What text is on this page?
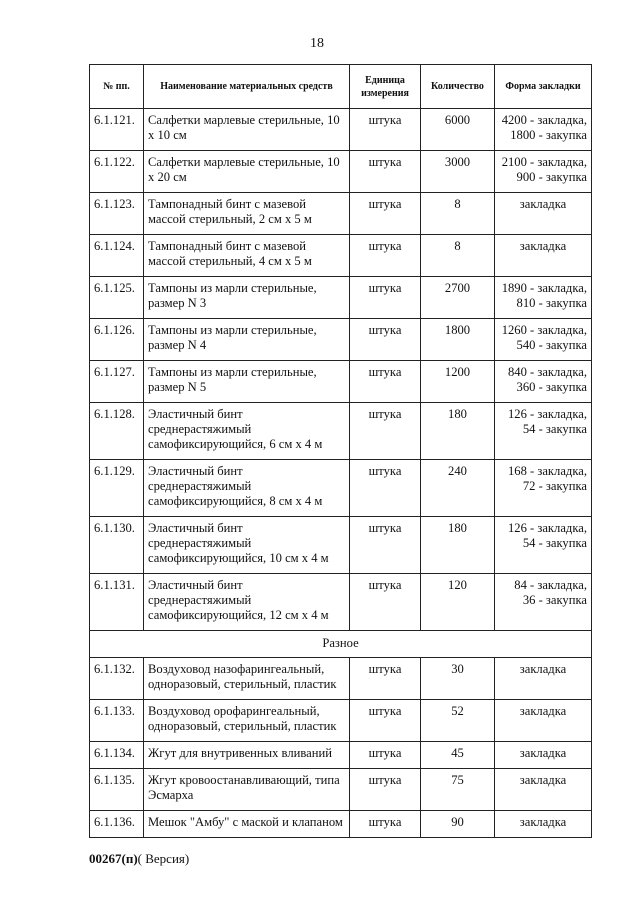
18
№ пп.	Наименование материальных средств	Единица измерения	Количество	Форма закладки
6.1.121.	Салфетки марлевые стерильные, 10 х 10 см	штука	6000	4200 - закладка, 1800 - закупка
6.1.122.	Салфетки марлевые стерильные, 10 х 20 см	штука	3000	2100 - закладка, 900 - закупка
6.1.123.	Тампонадный бинт с мазевой массой стерильный, 2 см х 5 м	штука	8	закладка
6.1.124.	Тампонадный бинт с мазевой массой стерильный, 4 см х 5 м	штука	8	закладка
6.1.125.	Тампоны из марли стерильные, размер N 3	штука	2700	1890 - закладка, 810 - закупка
6.1.126.	Тампоны из марли стерильные, размер N 4	штука	1800	1260 - закладка, 540 - закупка
6.1.127.	Тампоны из марли стерильные, размер N 5	штука	1200	840 - закладка, 360 - закупка
6.1.128.	Эластичный бинт среднерастяжимый самофиксирующийся, 6 см х 4 м	штука	180	126 - закладка, 54 - закупка
6.1.129.	Эластичный бинт среднерастяжимый самофиксирующийся, 8 см х 4 м	штука	240	168 - закладка, 72 - закупка
6.1.130.	Эластичный бинт среднерастяжимый самофиксирующийся, 10 см х 4 м	штука	180	126 - закладка, 54 - закупка
6.1.131.	Эластичный бинт среднерастяжимый самофиксирующийся, 12 см х 4 м	штука	120	84 - закладка, 36 - закупка
Разное				
6.1.132.	Воздуховод назофарингеальный, одноразовый, стерильный, пластик	штука	30	закладка
6.1.133.	Воздуховод орофарингеальный, одноразовый, стерильный, пластик	штука	52	закладка
6.1.134.	Жгут для внутривенных вливаний	штука	45	закладка
6.1.135.	Жгут кровоостанавливающий, типа Эсмарха	штука	75	закладка
6.1.136.	Мешок "Амбу" с маской и клапаном	штука	90	закладка
00267(п)( Версия)
